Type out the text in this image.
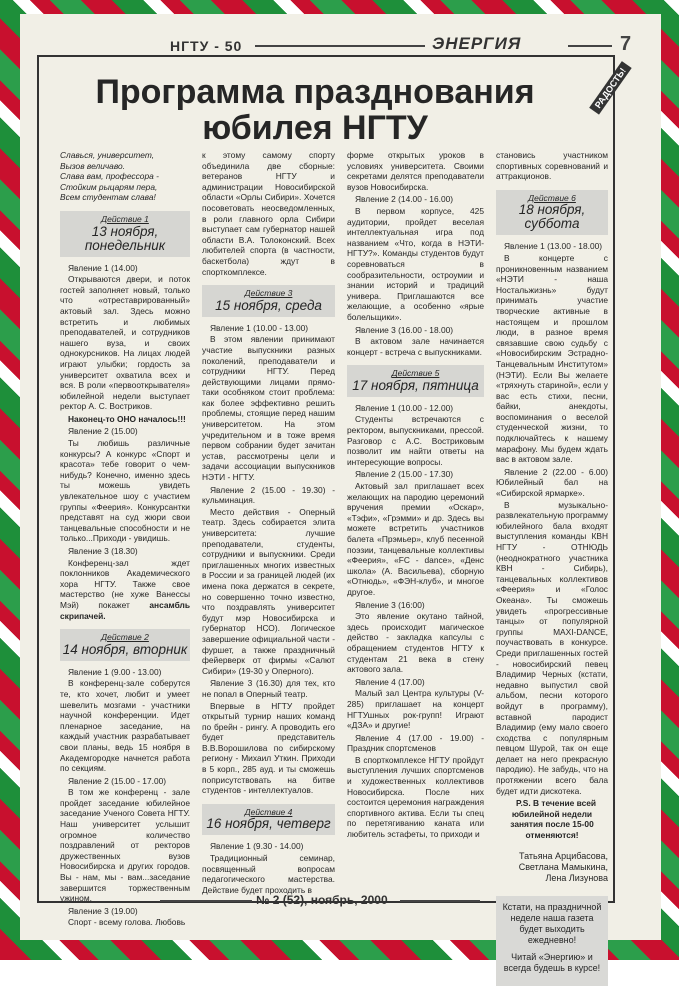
НГТУ - 50	ЭНЕРГИЯ	7
Программа празднования
юбилея НГТУ
РАДОСТЬ!
Славься, университет,
Вызов величаво.
Слава вам, профессора -
Стойким рыцарям пера,
Всем студентам слава!
Действие 1
13 ноября, понедельник

Явление 1 (14.00)

Открываются двери, и поток гостей заполняет новый, только что «отреставрированный» актовый зал. Здесь можно встретить и любимых преподавателей, и сотрудников нашего вуза, и своих однокурсников. На лицах людей играют улыбки; гордость за университет охватила всех и вся. В роли «первооткрывателя» юбилейной недели выступает ректор А. С. Востриков.

Наконец-то ОНО началось!!!

Явление 2 (15.00)

Ты любишь различные конкурсы? А конкурс «Спорт и красота» тебе говорит о чем-нибудь? Конечно, именно здесь ты можешь увидеть увлекательное шоу с участием группы «Феерия». Конкурсантки представят на суд жюри свои танцевальные способности и не только...Приходи - увидишь.

Явление 3 (18.30)

Конференц-зал ждет поклонников Академического хора НГТУ. Также свое мастерство (не хуже Ванессы Мэй) покажет ансамбль скрипачей.

Действие 2
14 ноября, вторник

Явление 1 (9.00 - 13.00)

В конференц-зале соберутся те, кто хочет, любит и умеет шевелить мозгами - участники научной конференции. Идет пленарное заседание, на каждый участник разрабатывает свои планы, ведь 15 ноября в Академгородке начнется работа по секциям.

Явление 2 (15.00 - 17.00)

В том же конференц - зале пройдет заседание юбилейное заседание Ученого Совета НГТУ. Наш университет услышит огромное количество поздравлений от ректоров дружественных вузов Новосибирска и других городов. Вы - нам, мы - вам...заседание завершится торжественным ужином.

Явление 3 (19.00)

Спорт - всему голова. Любовь

к этому самому спорту объединила две сборные: ветеранов НГТУ и администрации Новосибирской области «Орлы Сибири». Хочется посоветовать неосведомленных, в роли главного орла Сибири выступает сам губернатор нашей области В.А. Толоконский. Всех любителей спорта (в частности, баскетбола) ждут в спорткомплексе.

Действие 3
15 ноября, среда

Явление 1 (10.00 - 13.00)

В этом явлении принимают участие выпускники разных поколений, преподаватели и сотрудники НГТУ. Перед действующими лицами прямо-таки особняком стоит проблема: как более эффективно решить проблемы, стоящие перед нашим университетом. На этом учредительном и в тоже время первом собрании будет зачитан устав, рассмотрены цели и задачи ассоциации выпускников НЭТИ - НГТУ.

Явление 2 (15.00 - 19.30) - кульминация.

Место действия - Оперный театр. Здесь собирается элита университета: лучшие преподаватели, студенты, сотрудники и выпускники. Среди приглашенных многих известных в России и за границей людей (их имена пока держатся в секрете, но совершенно точно известно, что поздравлять университет будут мэр Новосибирска и губернатор НСО). Логическое завершение официальной части - фуршет, а также праздничный фейерверк от фирмы «Салют Сибири» (19-30 у Оперного).

Явление 3 (16.30) для тех, кто не попал в Оперный театр.

Впервые в НГТУ пройдет открытый турнир наших команд по брейн - рингу. А проводить его будет представитель В.В.Ворошилова по сибирскому региону - Михаил Уткин. Приходи в 5 корп., 285 ауд. и ты сможешь поприсутствовать на битве студентов - интеллектуалов.

Действие 4
16 ноября, четверг

Явление 1 (9.30 - 14.00)

Традиционный семинар, посвященный вопросам педагогического мастерства. Действие будет проходить в

форме открытых уроков в условиях университета. Своими секретами делятся преподаватели вузов Новосибирска.

Явление 2 (14.00 - 16.00)

В первом корпусе, 425 аудитории, пройдет веселая интеллектуальная игра под названием «Что, когда в НЭТИ-НГТУ?». Команды студентов будут соревноваться в сообразительности, остроумии и знании историй и традиций универа. Приглашаются все желающие, а особенно «ярые болельщики».

Явление 3 (16.00 - 18.00)

В актовом зале начинается концерт - встреча с выпускниками.

Действие 5
17 ноября, пятница

Явление 1 (10.00 - 12.00)

Студенты встречаются с ректором, выпускниками, прессой. Разговор с А.С. Востриковым позволит им найти ответы на интересующие вопросы.

Явление 2 (15.00 - 17.30)

Актовый зал приглашает всех желающих на пародию церемоний вручения премии «Оскар», «Тэфи», «Грэмми» и др. Здесь вы можете встретить участников балета «Прэмьер», клуб песенной поэзии, танцевальные коллективы «Феерия», «FC - dance», «Денс школа» (А. Васильева), сборную «Отнюдь», «ФЭН-клуб», и многое другое.

Явление 3 (16:00)

Это явление окутано тайной, здесь происходит магическое действо - закладка капсулы с обращением студентов НГТУ к студентам 21 века в стену актового зала.

Явление 4 (17.00)

Малый зал Центра культуры (V-285) приглашает на концерт НГТУшных рок-групп! Играют «ДЗА» и другие!

Явление 4 (17.00 - 19.00) - Праздник спортсменов

В спорткомплексе НГТУ пройдут выступления лучших спортсменов и художественных коллективов Новосибирска. После них состоится церемония награждения спортивного актива. Если ты спец по перетягиванию каната или любитель эстафеты, то приходи и

становись участником спортивных соревнований и аттракционов.

Действие 6
18 ноября, суббота

Явление 1 (13.00 - 18.00)

В концерте с проникновенным названием «НЭТИ - наша Ностальжизнь» будут принимать участие творческие активные в настоящем и прошлом люди, в разное время связавшие свою судьбу с «Новосибирским Эстрадно-Танцевальным Институтом» (НЭТИ). Если Вы желаете «тряхнуть стариной», если у вас есть стихи, песни, байки, анекдоты, воспоминания о веселой студенческой жизни, то подключайтесь к нашему марафону. Мы будем ждать вас в актовом зале.

Явление 2 (22.00 - 6.00) Юбилейный бал на «Сибирской ярмарке».

В музыкально-развлекательную программу юбилейного бала входят выступления команды КВН НГТУ - ОТНЮДЬ (неоднократного участника КВН - Сибирь), танцевальных коллективов «Феерия» и «Голос Океана». Ты сможешь увидеть «прогрессивные танцы» от популярной группы MAXI-DANCE, поучаствовать в конкурсе. Среди приглашенных гостей - новосибирский певец Владимир Черных (кстати, недавно выпустил свой альбом, песни которого войдут в программу), вставной пародист Владимир (ему мало своего сходства с популярным певцом Шурой, так он еще делает на него прекрасную пародию). Не забудь, что на протяжении всего бала будет идти дискотека.

P.S. В течение всей юбилейной недели занятия после 15-00 отменяются!

Татьяна Арцибасова,
Светлана Мамыкина,
Лена Лизунова

Кстати, на праздничной неделе наша газета будет выходить ежедневно!

Читай «Энергию» и всегда будешь в курсе!

№ 2 (52), ноябрь, 2000
